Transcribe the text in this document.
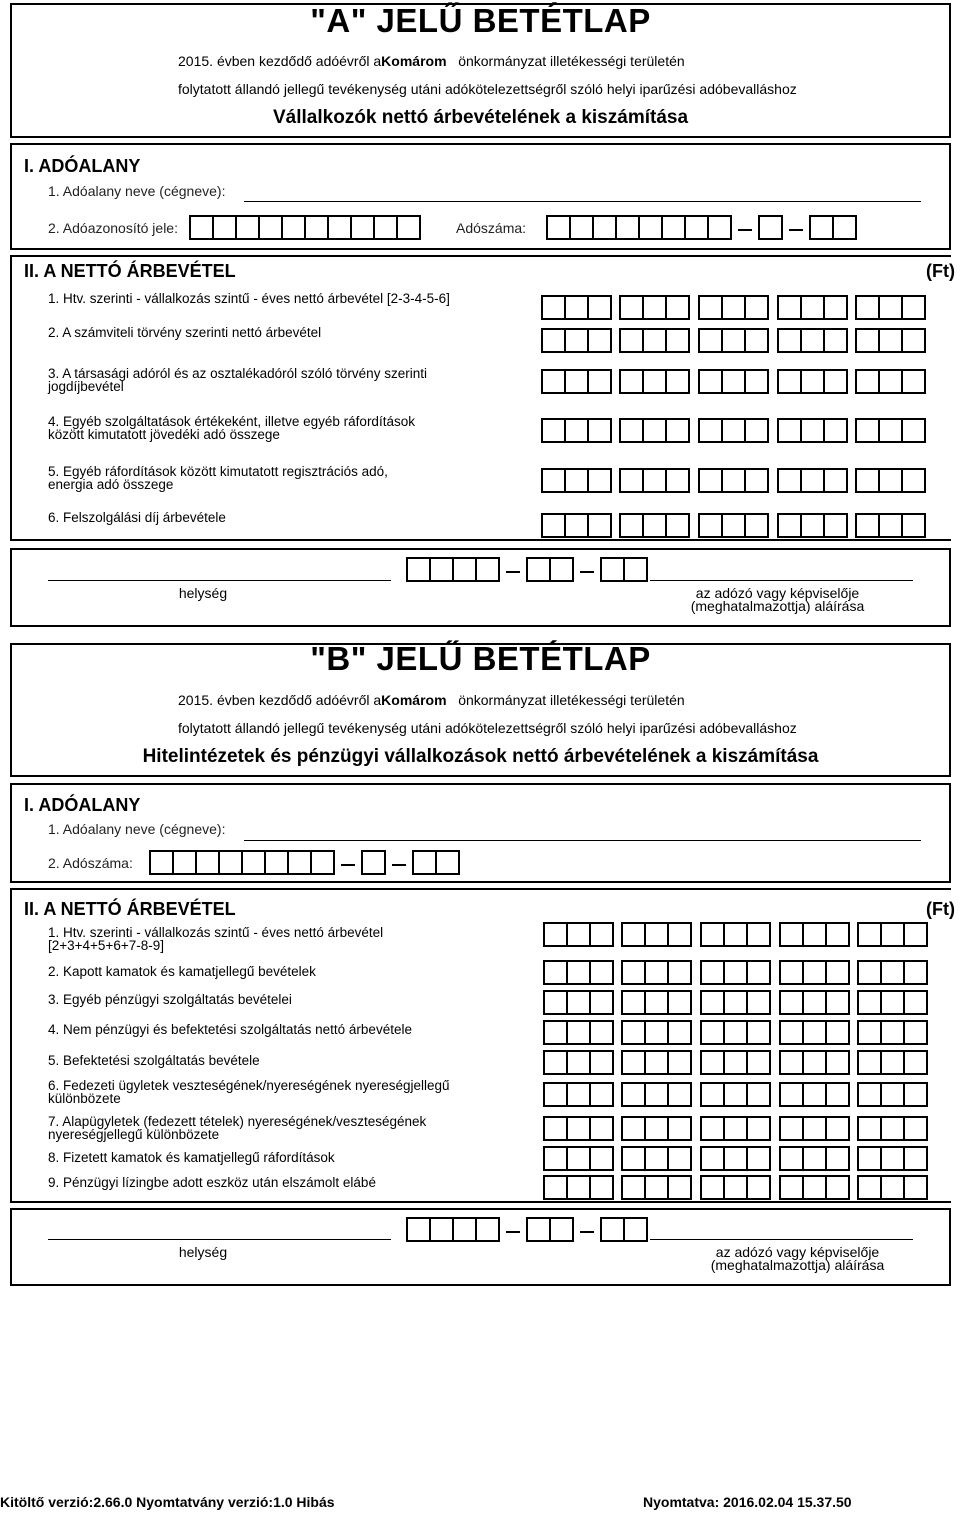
"A" JELŰ BETÉTLAP
2015. évben kezdődő adóévről aKomárom önkormányzat illetékességi területén
folytatott állandó jellegű tevékenység utáni adókötelezettségről szóló helyi iparűzési adóbevalláshoz
Vállalkozók nettó árbevételének a kiszámítása
I. ADÓALANY
1. Adóalany neve (cégneve):
2. Adóazonosító jele:	Adószáma:
II. A NETTÓ ÁRBEVÉTEL	(Ft)
1. Htv. szerinti - vállalkozás szintű - éves nettó árbevétel [2-3-4-5-6]
2. A számviteli törvény szerinti nettó árbevétel
3. A társasági adóról és az osztalékadóról szóló törvény szerinti
jogdíjbevétel
4. Egyéb szolgáltatások értékeként, illetve egyéb ráfordítások
között kimutatott jövedéki adó összege
5. Egyéb ráfordítások között kimutatott regisztrációs adó,
energia adó összege
6. Felszolgálási díj árbevétele
helység	az adózó vagy képviselője
(meghatalmazottja) aláírása
"B" JELŰ BETÉTLAP
2015. évben kezdődő adóévről aKomárom önkormányzat illetékességi területén
folytatott állandó jellegű tevékenység utáni adókötelezettségről szóló helyi iparűzési adóbevalláshoz
Hitelintézetek és pénzügyi vállalkozások nettó árbevételének a kiszámítása
I. ADÓALANY
1. Adóalany neve (cégneve):
2. Adószáma:
II. A NETTÓ ÁRBEVÉTEL	(Ft)
1. Htv. szerinti - vállalkozás szintű - éves nettó árbevétel
[2+3+4+5+6+7-8-9]
2. Kapott kamatok és kamatjellegű bevételek
3. Egyéb pénzügyi szolgáltatás bevételei
4. Nem pénzügyi és befektetési szolgáltatás nettó árbevétele
5. Befektetési szolgáltatás bevétele
6. Fedezeti ügyletek veszteségének/nyereségének nyereségjellegű
különbözete
7. Alapügyletek (fedezett tételek) nyereségének/veszteségének
nyereségjellegű különbözete
8. Fizetett kamatok és kamatjellegű ráfordítások
9. Pénzügyi lízingbe adott eszköz után elszámolt elábé
helység	az adózó vagy képviselője
(meghatalmazottja) aláírása
Kitöltő verzió:2.66.0 Nyomtatvány verzió:1.0 Hibás	Nyomtatva: 2016.02.04 15.37.50
